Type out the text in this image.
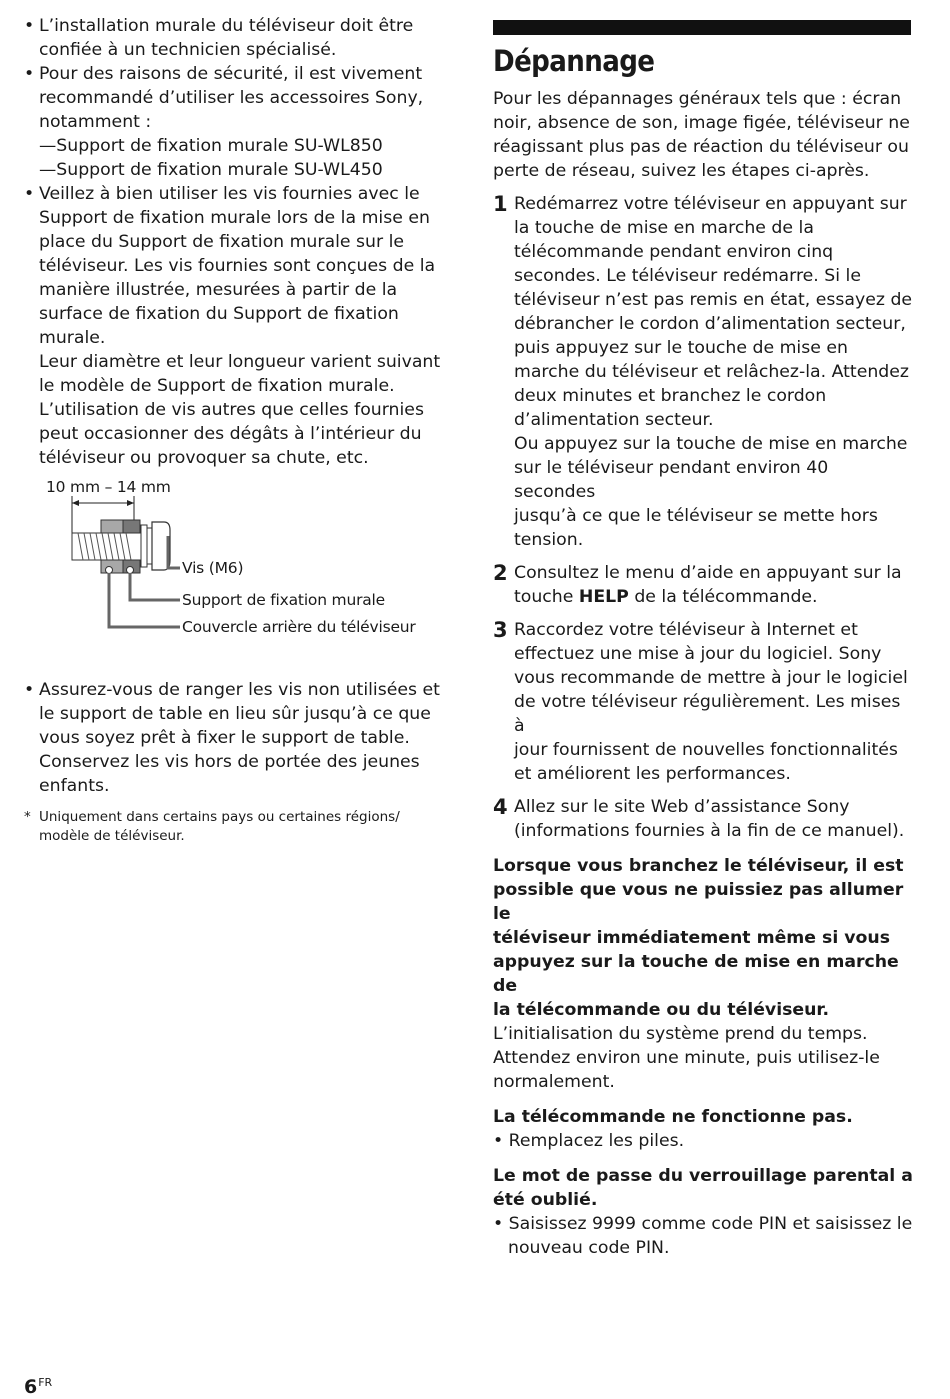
• L’installation murale du téléviseur doit être
confiée à un technicien spécialisé.
• Pour des raisons de sécurité, il est vivement
recommandé d’utiliser les accessoires Sony,
notamment :
—Support de fixation murale SU-WL850
—Support de fixation murale SU-WL450
• Veillez à bien utiliser les vis fournies avec le
Support de fixation murale lors de la mise en
place du Support de fixation murale sur le
téléviseur. Les vis fournies sont conçues de la
manière illustrée, mesurées à partir de la
surface de fixation du Support de fixation
murale.
Leur diamètre et leur longueur varient suivant
le modèle de Support de fixation murale.
L’utilisation de vis autres que celles fournies
peut occasionner des dégâts à l’intérieur du
téléviseur ou provoquer sa chute, etc.
10 mm – 14 mm
Vis (M6)
Support de fixation murale
Couvercle arrière du téléviseur
• Assurez-vous de ranger les vis non utilisées et
le support de table en lieu sûr jusqu’à ce que
vous soyez prêt à fixer le support de table.
Conservez les vis hors de portée des jeunes
enfants.
* Uniquement dans certains pays ou certaines régions/
modèle de téléviseur.
Dépannage
Pour les dépannages généraux tels que : écran
noir, absence de son, image figée, téléviseur ne
réagissant plus pas de réaction du téléviseur ou
perte de réseau, suivez les étapes ci-après.
1 Redémarrez votre téléviseur en appuyant sur
la touche de mise en marche de la
télécommande pendant environ cinq
secondes. Le téléviseur redémarre. Si le
téléviseur n’est pas remis en état, essayez de
débrancher le cordon d’alimentation secteur,
puis appuyez sur le touche de mise en
marche du téléviseur et relâchez-la. Attendez
deux minutes et branchez le cordon
d’alimentation secteur.
Ou appuyez sur la touche de mise en marche
sur le téléviseur pendant environ 40 secondes
jusqu’à ce que le téléviseur se mette hors
tension.
2 Consultez le menu d’aide en appuyant sur la
touche HELP de la télécommande.
3 Raccordez votre téléviseur à Internet et
effectuez une mise à jour du logiciel. Sony
vous recommande de mettre à jour le logiciel
de votre téléviseur régulièrement. Les mises à
jour fournissent de nouvelles fonctionnalités
et améliorent les performances.
4 Allez sur le site Web d’assistance Sony
(informations fournies à la fin de ce manuel).
Lorsque vous branchez le téléviseur, il est
possible que vous ne puissiez pas allumer le
téléviseur immédiatement même si vous
appuyez sur la touche de mise en marche de
la télécommande ou du téléviseur.
L’initialisation du système prend du temps.
Attendez environ une minute, puis utilisez-le
normalement.
La télécommande ne fonctionne pas.
• Remplacez les piles.
Le mot de passe du verrouillage parental a
été oublié.
• Saisissez 9999 comme code PIN et saisissez le
nouveau code PIN.
$6^{FR}$
